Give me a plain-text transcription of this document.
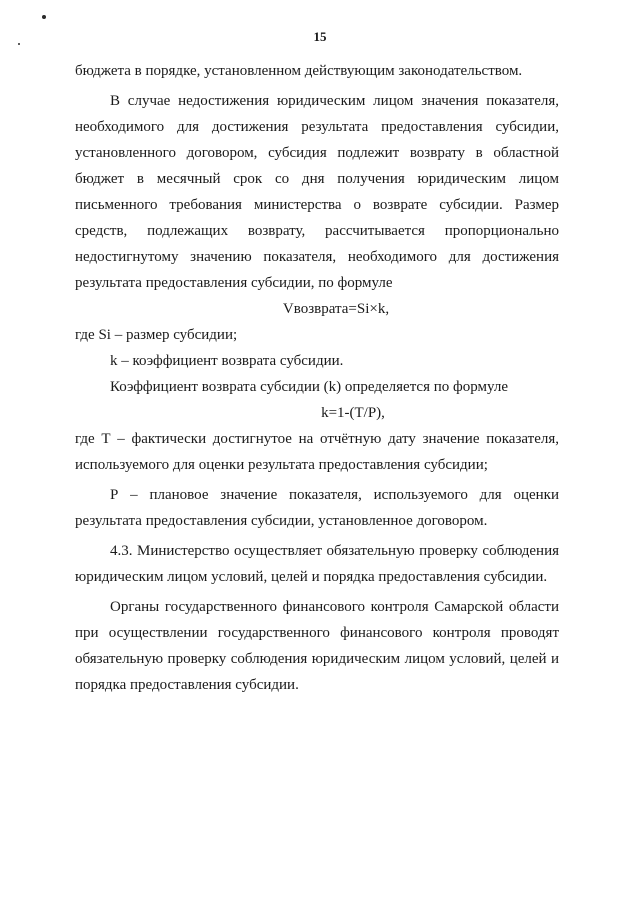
15

бюджета в порядке, установленном действующим законодательством.

В случае недостижения юридическим лицом значения показателя, необходимого для достижения результата предоставления субсидии, установленного договором, субсидия подлежит возврату в областной бюджет в месячный срок со дня получения юридическим лицом письменного требования министерства о возврате субсидии. Размер средств, подлежащих возврату, рассчитывается пропорционально недостигнутому значению показателя, необходимого для достижения результата предоставления субсидии, по формуле

Vвозврата=Si×k,

где Si – размер субсидии;

k – коэффициент возврата субсидии.

Коэффициент возврата субсидии (k) определяется по формуле

k=1-(T/P),

где Т – фактически достигнутое на отчётную дату значение показателя, используемого для оценки результата предоставления субсидии;

Р – плановое значение показателя, используемого для оценки результата предоставления субсидии, установленное договором.

4.3. Министерство осуществляет обязательную проверку соблюдения юридическим лицом условий, целей и порядка предоставления субсидии.

Органы государственного финансового контроля Самарской области при осуществлении государственного финансового контроля проводят обязательную проверку соблюдения юридическим лицом условий, целей и порядка предоставления субсидии.
